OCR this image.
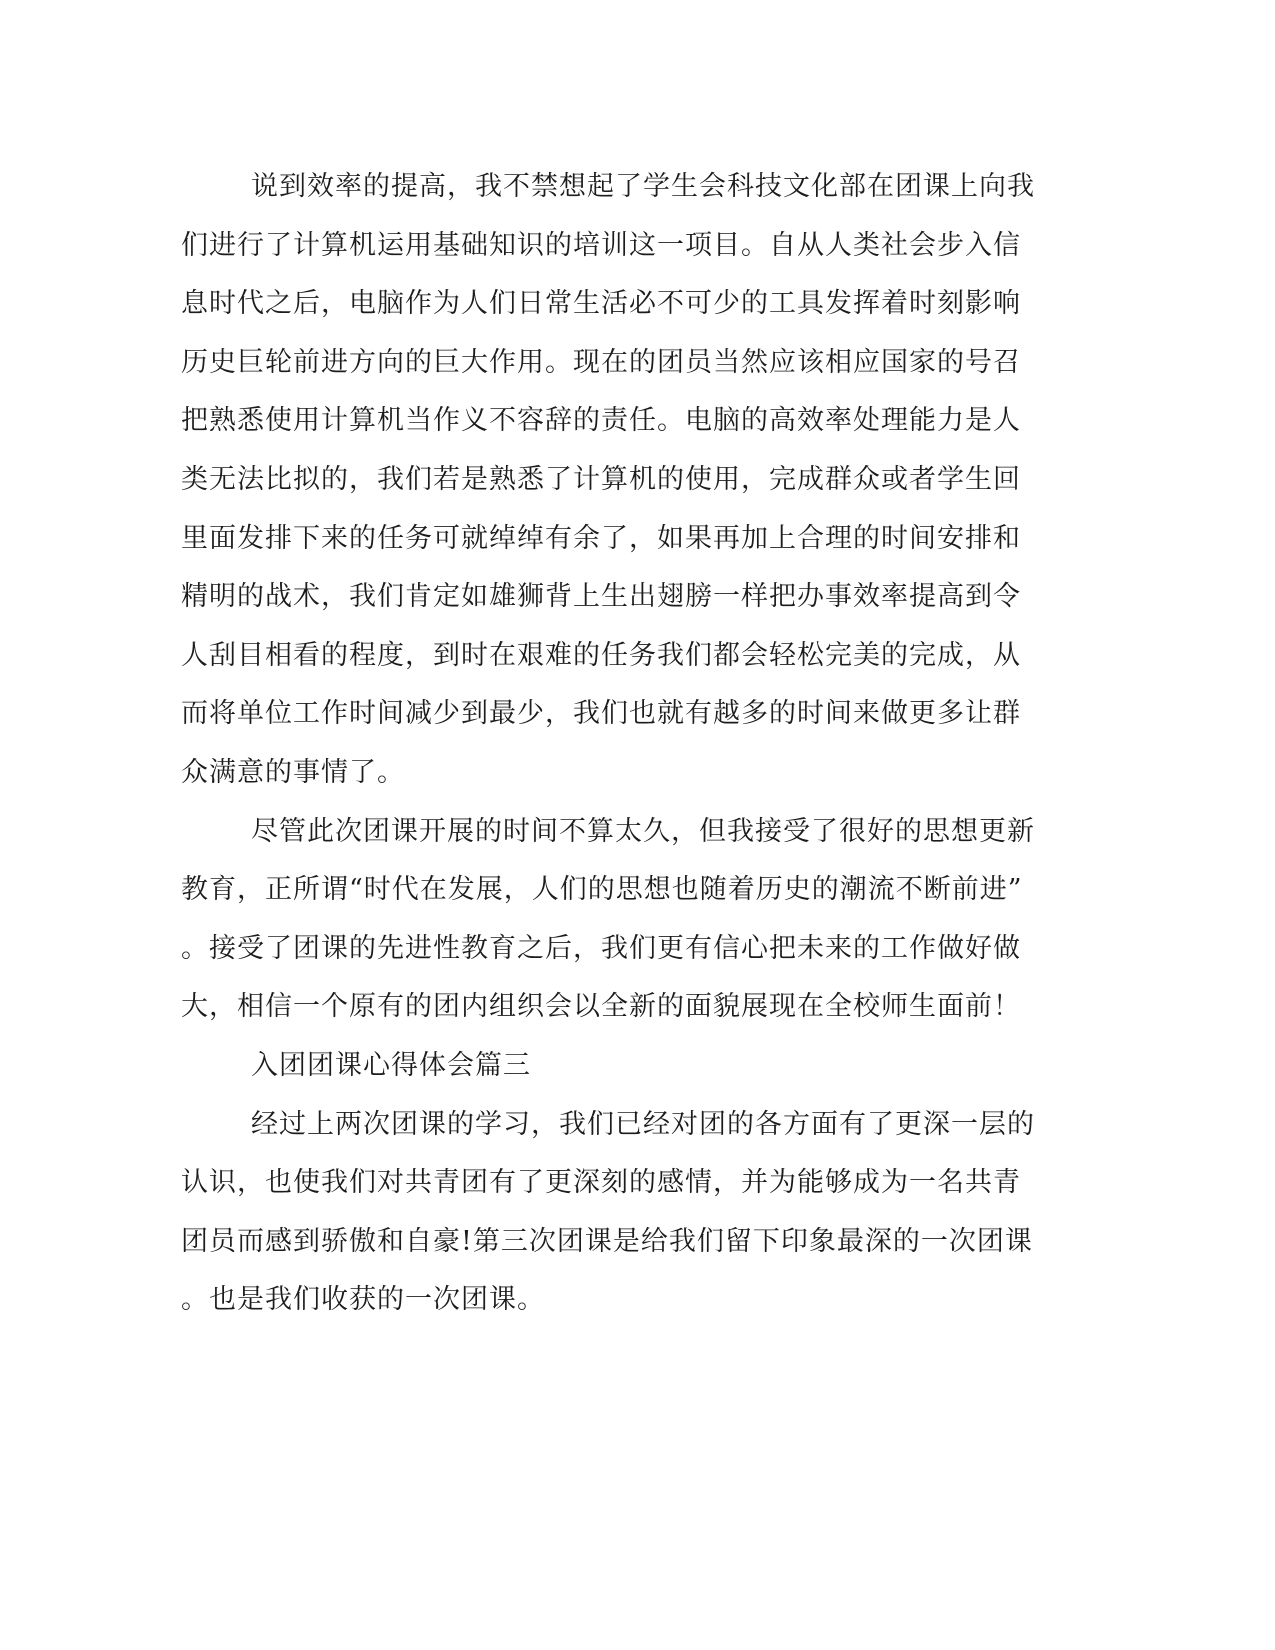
说到效率的提高，我不禁想起了学生会科技文化部在团课上向我
们进行了计算机运用基础知识的培训这一项目。自从人类社会步入信
息时代之后，电脑作为人们日常生活必不可少的工具发挥着时刻影响
历史巨轮前进方向的巨大作用。现在的团员当然应该相应国家的号召
把熟悉使用计算机当作义不容辞的责任。电脑的高效率处理能力是人
类无法比拟的，我们若是熟悉了计算机的使用，完成群众或者学生回
里面发排下来的任务可就绰绰有余了，如果再加上合理的时间安排和
精明的战术，我们肯定如雄狮背上生出翅膀一样把办事效率提高到令
人刮目相看的程度，到时在艰难的任务我们都会轻松完美的完成，从
而将单位工作时间减少到最少，我们也就有越多的时间来做更多让群
众满意的事情了。
尽管此次团课开展的时间不算太久，但我接受了很好的思想更新
教育，正所谓“时代在发展，人们的思想也随着历史的潮流不断前进”
。接受了团课的先进性教育之后，我们更有信心把未来的工作做好做
大，相信一个原有的团内组织会以全新的面貌展现在全校师生面前！
入团团课心得体会篇三
经过上两次团课的学习，我们已经对团的各方面有了更深一层的
认识，也使我们对共青团有了更深刻的感情，并为能够成为一名共青
团员而感到骄傲和自豪!第三次团课是给我们留下印象最深的一次团课
。也是我们收获的一次团课。
